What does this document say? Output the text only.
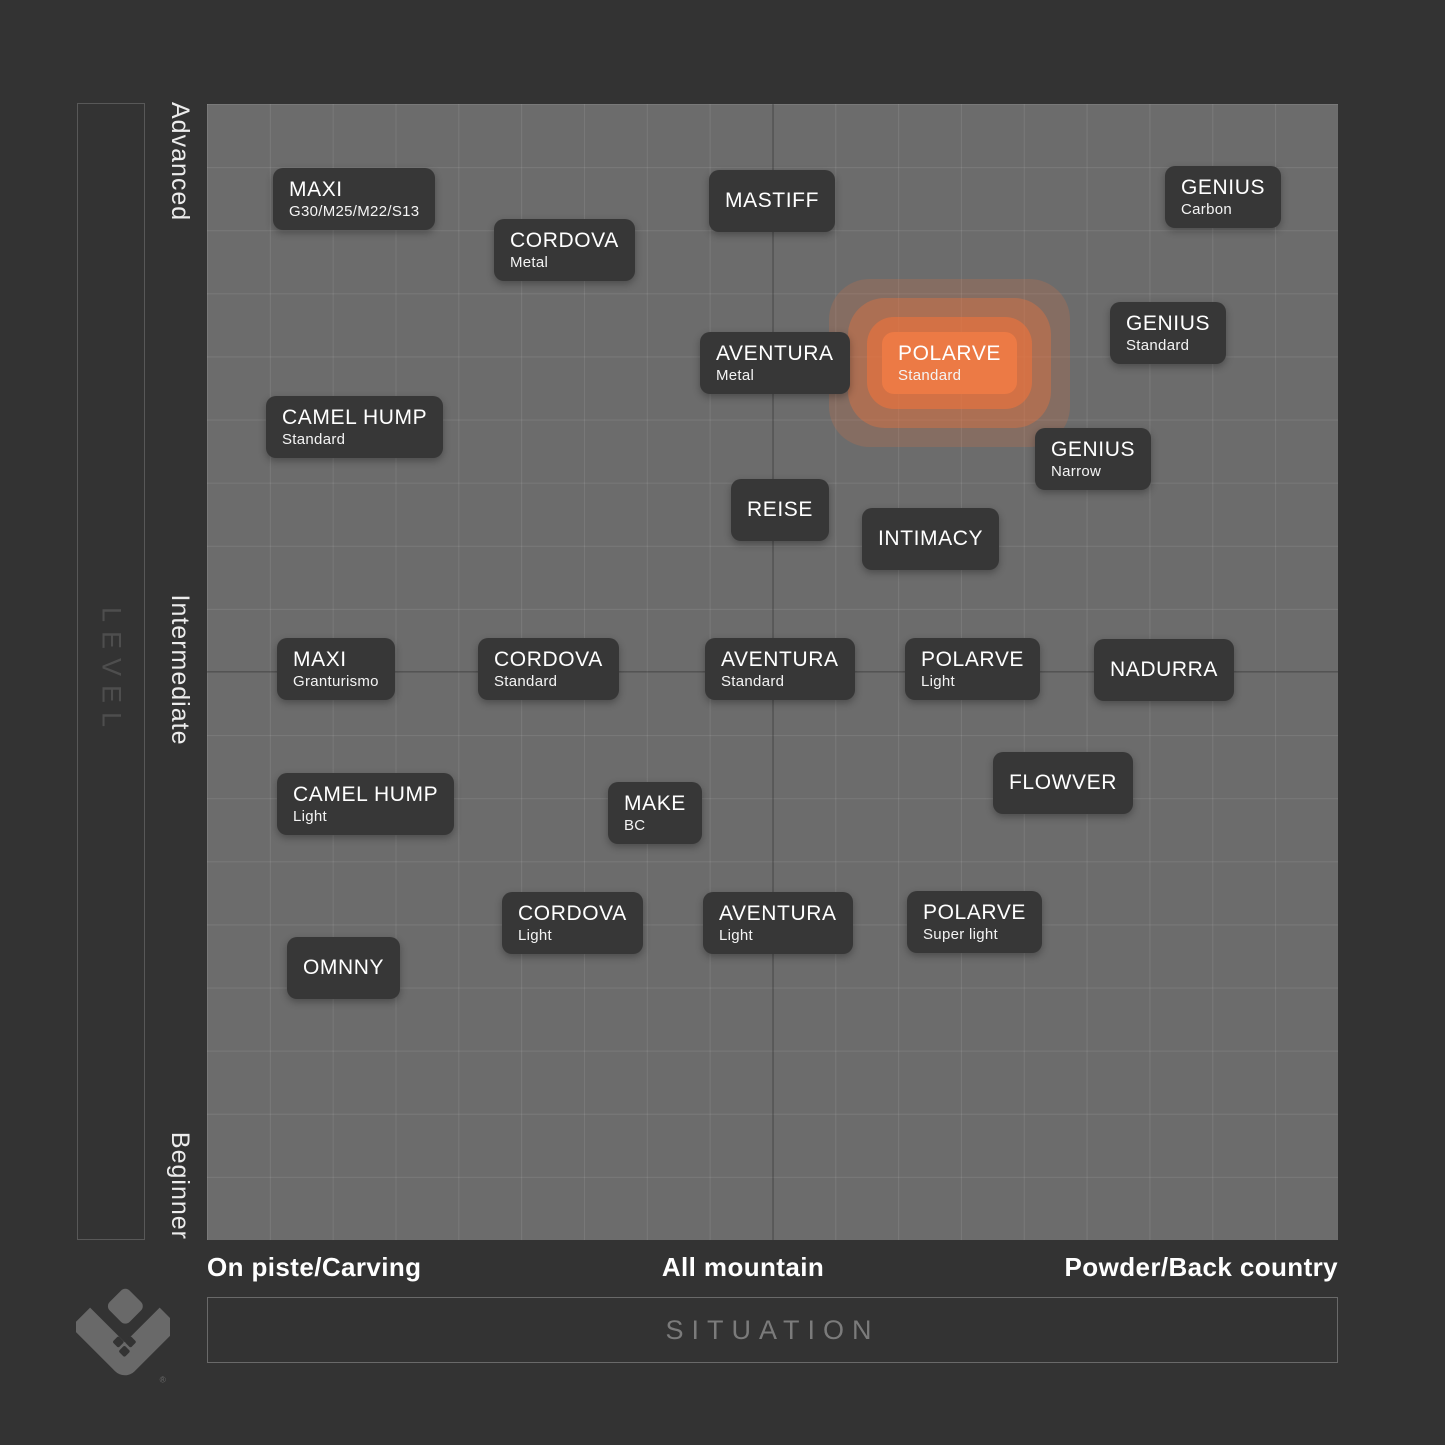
LEVEL
Advanced
Intermediate
Beginner
MAXI
G30/M25/M22/S13
CORDOVA
Metal
MASTIFF
GENIUS
Carbon
AVENTURA
Metal
POLARVE
Standard
GENIUS
Standard
GENIUS
Narrow
CAMEL HUMP
Standard
REISE
INTIMACY
MAXI
Granturismo
CORDOVA
Standard
AVENTURA
Standard
POLARVE
Light	NADURRA
CAMEL HUMP
Light
MAKE
BC
FLOWVER
CORDOVA
Light
AVENTURA
Light
POLARVE
Super light
OMNNY
On piste/Carving	All mountain	Powder/Back country
SITUATION
®
